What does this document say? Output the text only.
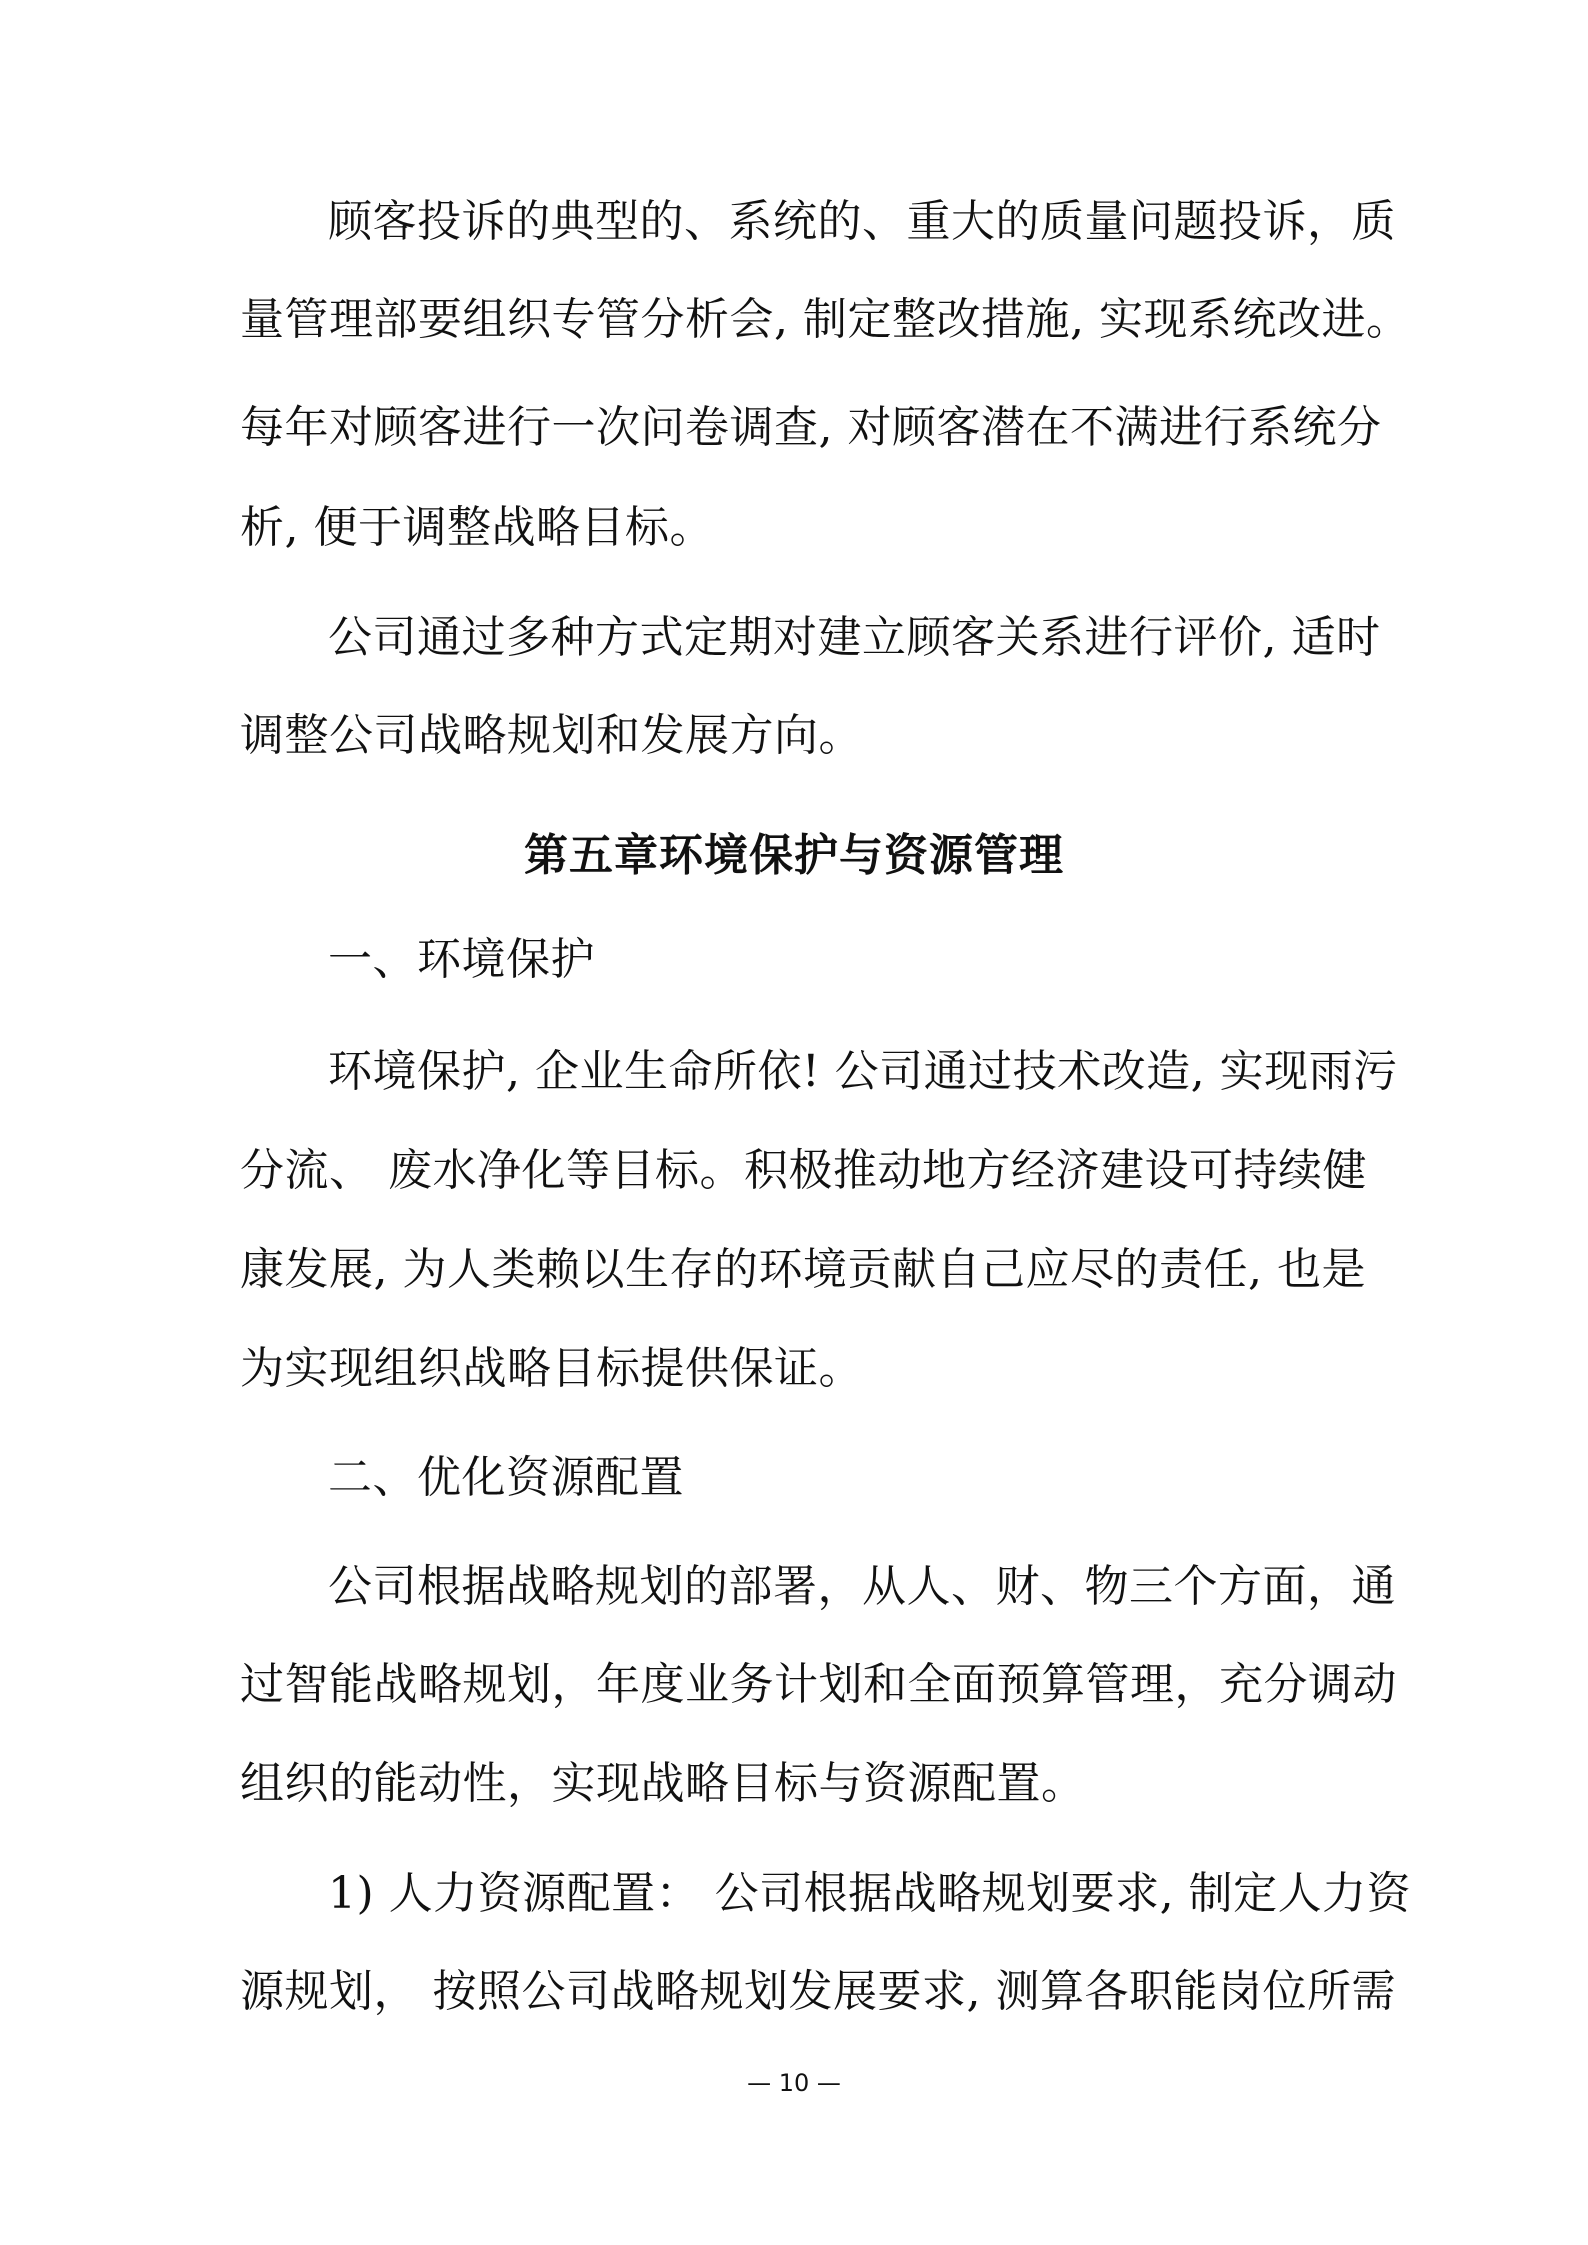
顾客投诉的典型的、系统的、重大的质量问题投诉，质
量管理部要组织专管分析会, 制定整改措施, 实现系统改进。
每年对顾客进行一次问卷调查, 对顾客潜在不满进行系统分
析, 便于调整战略目标。
公司通过多种方式定期对建立顾客关系进行评价, 适时
调整公司战略规划和发展方向。
第五章环境保护与资源管理
一、环境保护
环境保护, 企业生命所依! 公司通过技术改造, 实现雨污
分流、 废水净化等目标。积极推动地方经济建设可持续健
康发展, 为人类赖以生存的环境贡献自己应尽的责任, 也是
为实现组织战略目标提供保证。
二、优化资源配置
公司根据战略规划的部署，从人、财、物三个方面，通
过智能战略规划，年度业务计划和全面预算管理，充分调动
组织的能动性，实现战略目标与资源配置。
1) 人力资源配置： 公司根据战略规划要求, 制定人力资
源规划， 按照公司战略规划发展要求, 测算各职能岗位所需
— 10 —
